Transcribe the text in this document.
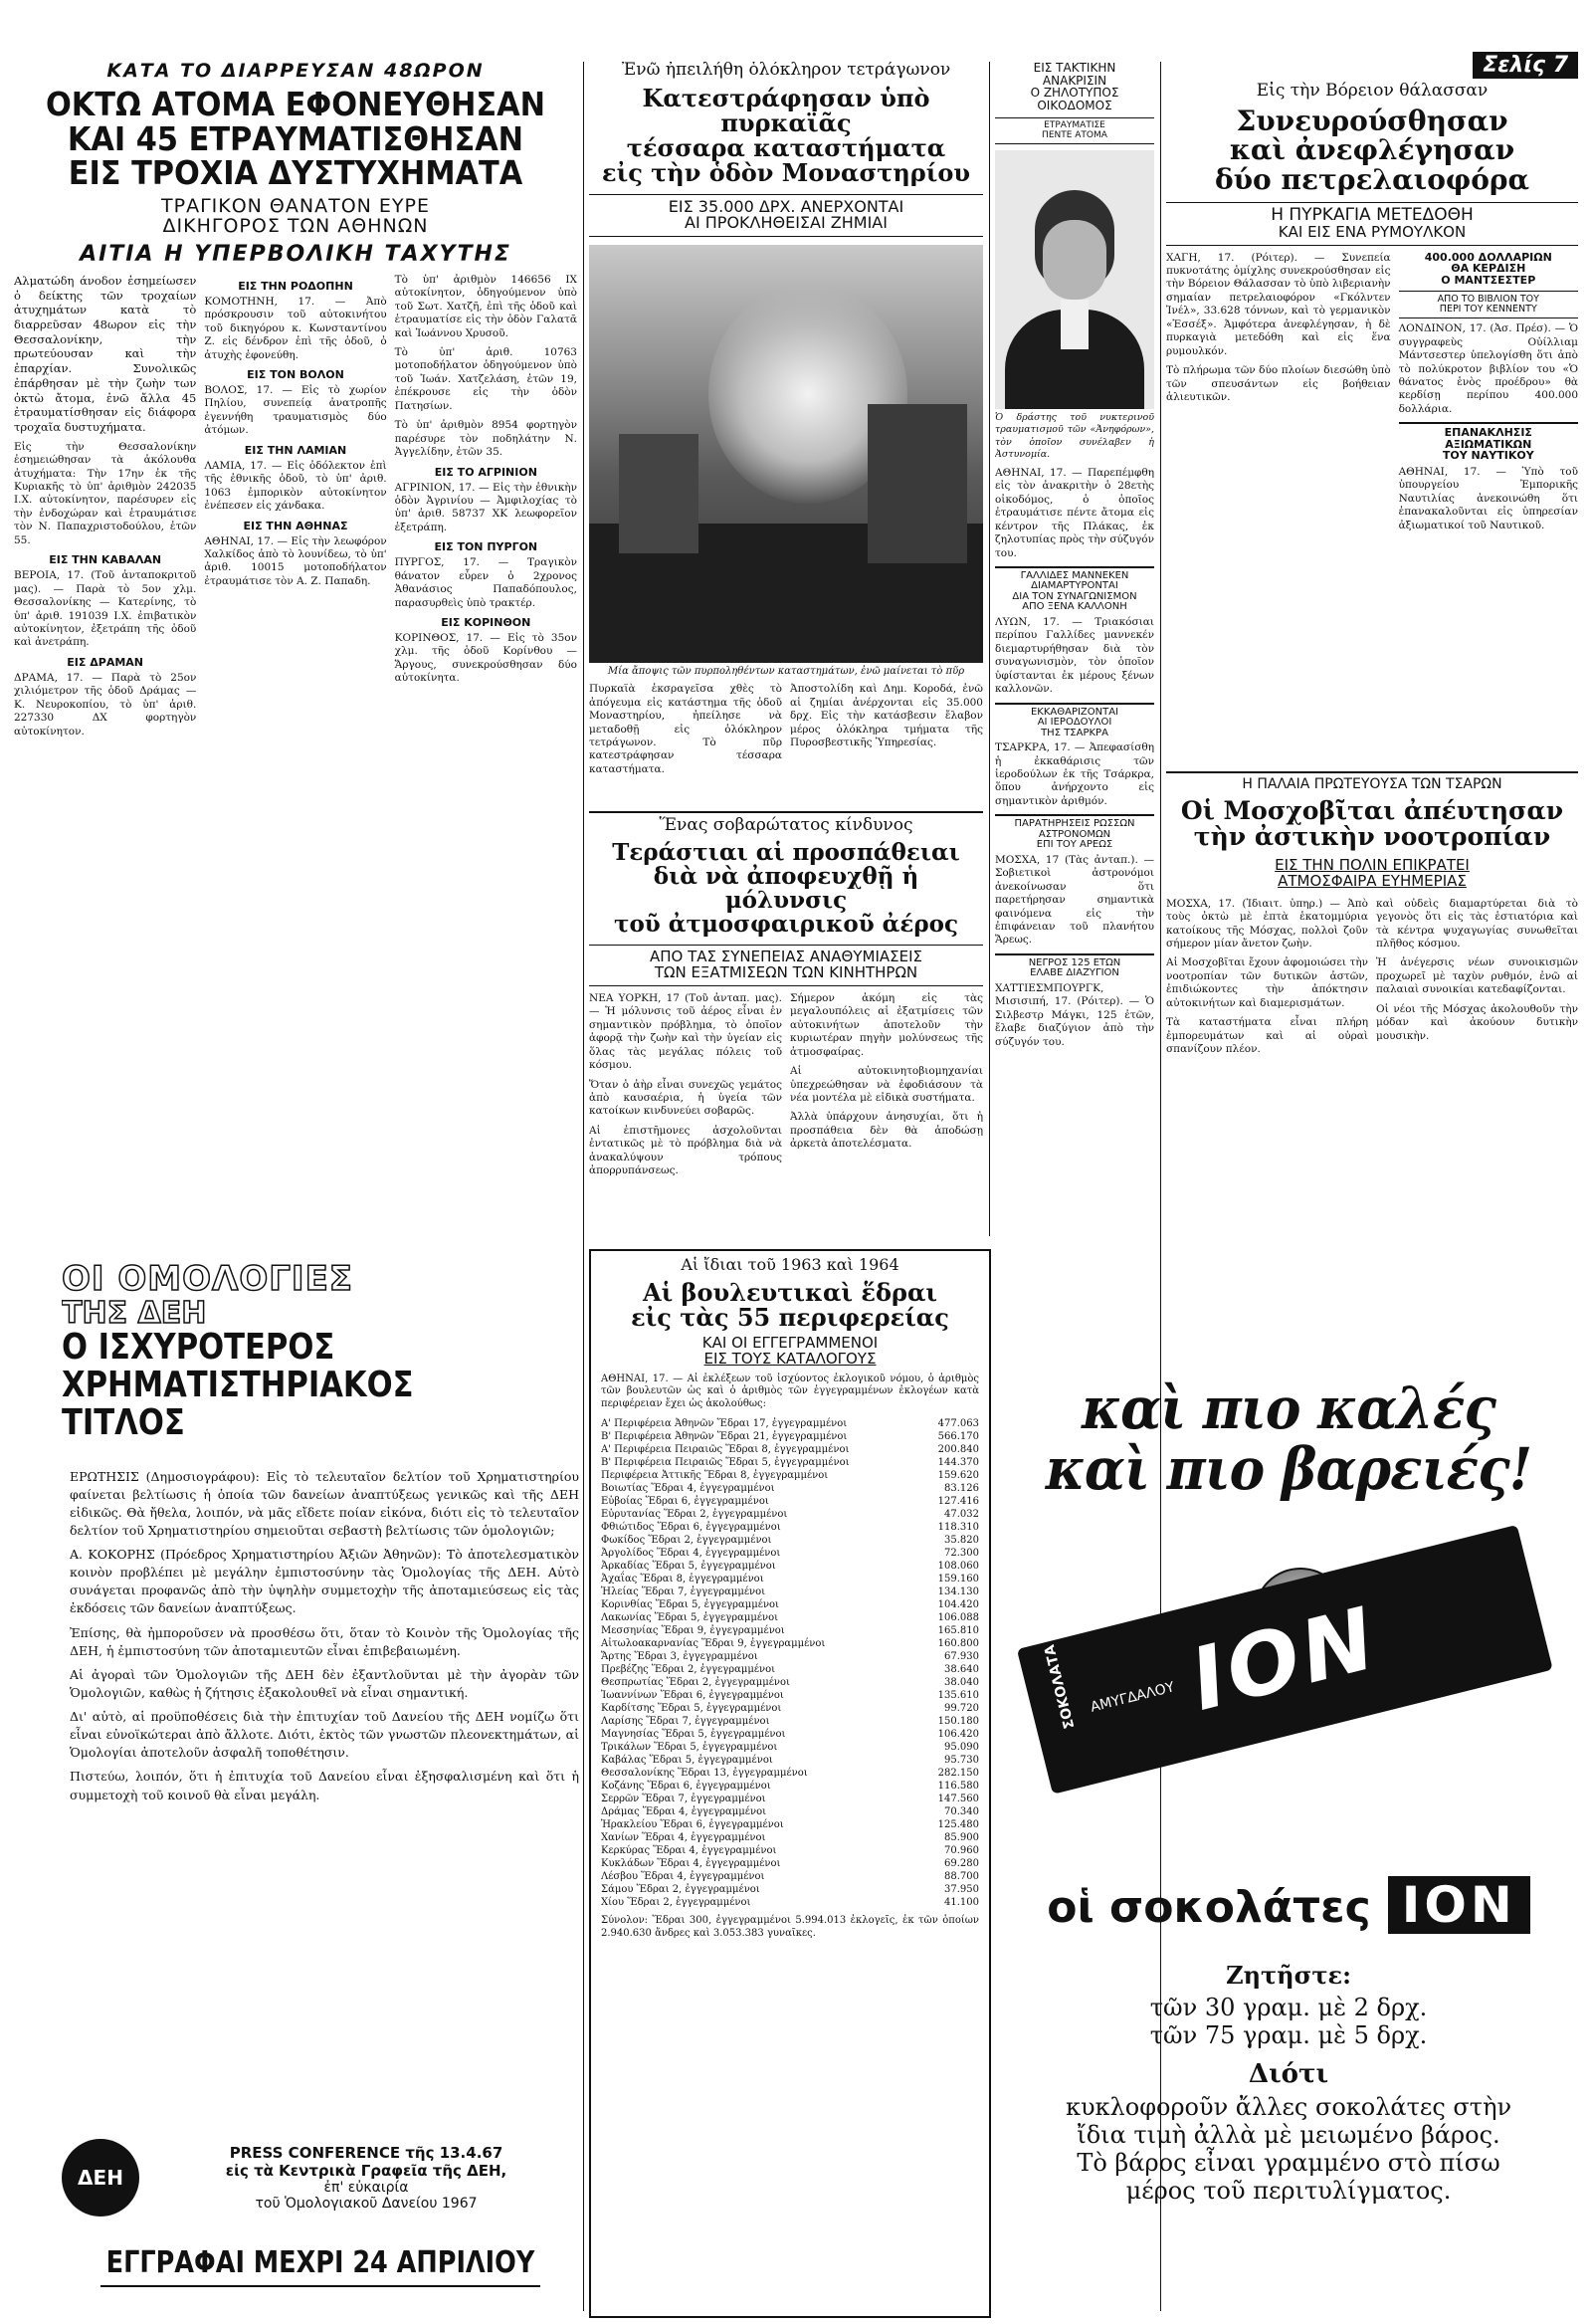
ΚΑΤΑ ΤΟ ΔΙΑΡΡΕΥΣΑΝ 48ΩΡΟΝ
ΟΚΤΩ ΑΤΟΜΑ ΕΦΟΝΕΥΘΗΣΑΝ
ΚΑΙ 45 ΕΤΡΑΥΜΑΤΙΣΘΗΣΑΝ
ΕΙΣ ΤΡΟΧΙΑ ΔΥΣΤΥΧΗΜΑΤΑ
ΤΡΑΓΙΚΟΝ ΘΑΝΑΤΟΝ ΕΥΡΕ
ΔΙΚΗΓΟΡΟΣ ΤΩΝ ΑΘΗΝΩΝ
ΑΙΤΙΑ Η ΥΠΕΡΒΟΛΙΚΗ ΤΑΧΥΤΗΣ

Αλματώδη άνοδον ἐσημείωσεν ὁ δείκτης τῶν τροχαίων ἀτυχημάτων κατὰ τὸ διαρρεῦσαν 48ωρον εἰς τὴν Θεσσαλονίκην, τὴν πρωτεύουσαν καὶ τὴν ἐπαρχίαν. Συνολικῶς ἐπάρθησαν μὲ τὴν ζωὴν των ὀκτὼ ἄτομα, ἐνῶ ἄλλα 45 ἐτραυματίσθησαν εἰς διάφορα τροχαῖα δυστυχήματα.

Εἰς τὴν Θεσσαλονίκην ἐσημειώθησαν τὰ ἀκόλουθα ἀτυχήματα: Τὴν 17ην ἐκ τῆς Κυριακῆς τὸ ὑπ' ἀριθμὸν 242035 Ι.Χ. αὐτοκίνητον, παρέσυρεν εἰς τὴν ἐνδοχώραν καὶ ἐτραυμάτισε τὸν Ν. Παπαχριστοδούλου, ἐτῶν 55.

ΕΙΣ ΤΗΝ ΚΑΒΑΛΑΝ

ΒΕΡΟΙΑ, 17. (Τοῦ ἀνταποκριτοῦ μας). — Παρὰ τὸ 5ον χλμ. Θεσσαλονίκης — Κατερίνης, τὸ ὑπ' ἀριθ. 191039 Ι.Χ. ἐπιβατικὸν αὐτοκίνητον, ἐξετράπη τῆς ὁδοῦ καὶ ἀνετράπη.

ΕΙΣ ΔΡΑΜΑΝ

ΔΡΑΜΑ, 17. — Παρὰ τὸ 25ον χιλιόμετρον τῆς ὁδοῦ Δράμας — Κ. Νευροκοπίου, τὸ ὑπ' ἀριθ. 227330 ΔΧ φορτηγὸν αὐτοκίνητον.

ΕΙΣ ΤΗΝ ΡΟΔΟΠΗΝ

ΚΟΜΟΤΗΝΗ, 17. — Ἀπὸ πρόσκρουσιν τοῦ αὐτοκινήτου τοῦ δικηγόρου κ. Κωνσταντίνου Ζ. εἰς δένδρον ἐπὶ τῆς ὁδοῦ, ὁ ἀτυχὴς ἐφονεύθη.

ΕΙΣ ΤΟΝ ΒΟΛΟΝ

ΒΟΛΟΣ, 17. — Εἰς τὸ χωρίον Πηλίου, συνεπείᾳ ἀνατροπῆς ἐγεννήθη τραυματισμὸς δύο ἀτόμων.

ΕΙΣ ΤΗΝ ΛΑΜΙΑΝ

ΛΑΜΙΑ, 17. — Εἰς ὀδόλεκτον ἐπὶ τῆς ἐθνικῆς ὁδοῦ, τὸ ὑπ' ἀριθ. 1063 ἐμπορικὸν αὐτοκίνητον ἐνέπεσεν εἰς χάνδακα.

ΕΙΣ ΤΗΝ ΑΘΗΝΑΣ

ΑΘΗΝΑΙ, 17. — Εἰς τὴν λεωφόρον Χαλκίδος ἀπὸ τὸ λουνίδεω, τὸ ὑπ' ἀριθ. 10015 μοτοποδήλατον ἐτραυμάτισε τὸν Α. Ζ. Παπαδη.

Τὸ ὑπ' ἀριθμὸν 146656 ΙΧ αὐτοκίνητον, ὁδηγούμενον ὑπὸ τοῦ Σωτ. Χατζῆ, ἐπὶ τῆς ὁδοῦ καὶ ἐτραυματίσε εἰς τὴν ὁδὸν Γαλατᾶ καὶ Ἰωάννου Χρυσοῦ.

Τὸ ὑπ' ἀριθ. 10763 μοτοποδήλατον ὁδηγούμενον ὑπὸ τοῦ Ἰωάν. Χατζελάση, ἐτῶν 19, ἐπέκρουσε εἰς τὴν ὁδὸν Πατησίων.

Τὸ ὑπ' ἀριθμὸν 8954 φορτηγὸν παρέσυρε τὸν ποδηλάτην Ν. Ἀγγελίδην, ἐτῶν 35.

ΕΙΣ ΤΟ ΑΓΡΙΝΙΟΝ

ΑΓΡΙΝΙΟΝ, 17. — Εἰς τὴν ἐθνικὴν ὁδὸν Ἀγρινίου — Ἀμφιλοχίας τὸ ὑπ' ἀριθ. 58737 ΧΚ λεωφορεῖον ἐξετράπη.

ΕΙΣ ΤΟΝ ΠΥΡΓΟΝ

ΠΥΡΓΟΣ, 17. — Τραγικὸν θάνατον εὗρεν ὁ 2χρονος Ἀθανάσιος Παπαδόπουλος, παρασυρθεὶς ὑπὸ τρακτέρ.

ΕΙΣ ΚΟΡΙΝΘΟΝ

ΚΟΡΙΝΘΟΣ, 17. — Εἰς τὸ 35ον χλμ. τῆς ὁδοῦ Κορίνθου — Ἄργους, συνεκρούσθησαν δύο αὐτοκίνητα.

Ἐνῶ ἠπειλήθη ὁλόκληρον τετράγωνον
Κατεστράφησαν ὑπὸ πυρκαϊᾶς
τέσσαρα καταστήματα
εἰς τὴν ὁδὸν Μοναστηρίου
ΕΙΣ 35.000 ΔΡΧ. ΑΝΕΡΧΟΝΤΑΙ
ΑΙ ΠΡΟΚΛΗΘΕΙΣΑΙ ΖΗΜΙΑΙ
Μία ἄποψις τῶν πυρποληθέντων καταστημάτων, ἐνῶ μαίνεται τὸ πῦρ

Πυρκαϊὰ ἐκσραγεῖσα χθὲς τὸ ἀπόγευμα εἰς κατάστημα τῆς ὁδοῦ Μοναστηρίου, ἠπείλησε νὰ μεταδοθῇ εἰς ὁλόκληρον τετράγωνον. Τὸ πῦρ κατεστράφησαν τέσσαρα καταστήματα.

Ἀποστολίδη καὶ Δημ. Κοροδά, ἐνῶ αἱ ζημίαι ἀνέρχονται εἰς 35.000 δρχ. Εἰς τὴν κατάσβεσιν ἔλαβον μέρος ὁλόκληρα τμήματα τῆς Πυροσβεστικῆς Ὑπηρεσίας.

Ἕνας σοβαρώτατος κίνδυνος
Τεράστιαι αἱ προσπάθειαι
διὰ νὰ ἀποφευχθῇ ἡ μόλυνσις
τοῦ ἀτμοσφαιρικοῦ ἀέρος
ΑΠΟ ΤΑΣ ΣΥΝΕΠΕΙΑΣ ΑΝΑΘΥΜΙΑΣΕΙΣ
ΤΩΝ ΕΞΑΤΜΙΣΕΩΝ ΤΩΝ ΚΙΝΗΤΗΡΩΝ

ΝΕΑ ΥΟΡΚΗ, 17 (Τοῦ ἀνταπ. μας). — Ἡ μόλυνσις τοῦ ἀέρος εἶναι ἐν σημαντικὸν πρόβλημα, τὸ ὁποῖον ἀφορᾷ τὴν ζωὴν καὶ τὴν ὑγείαν εἰς ὅλας τὰς μεγάλας πόλεις τοῦ κόσμου.

Ὅταν ὁ ἀὴρ εἶναι συνεχῶς γεμάτος ἀπὸ καυσαέρια, ἡ ὑγεία τῶν κατοίκων κινδυνεύει σοβαρῶς.

Αἱ ἐπιστῆμονες ἀσχολοῦνται ἐντατικῶς μὲ τὸ πρόβλημα διὰ νὰ ἀνακαλύψουν τρόπους ἀπορρυπάνσεως.

Σήμερον ἀκόμη εἰς τὰς μεγαλουπόλεις αἱ ἐξατμίσεις τῶν αὐτοκινήτων ἀποτελοῦν τὴν κυριωτέραν πηγὴν μολύνσεως τῆς ἀτμοσφαίρας.

Αἱ αὐτοκινητοβιομηχανίαι ὑπεχρεώθησαν νὰ ἐφοδιάσουν τὰ νέα μοντέλα μὲ εἰδικὰ συστήματα.

Ἀλλὰ ὑπάρχουν ἀνησυχίαι, ὅτι ἡ προσπάθεια δὲν θὰ ἀποδώσῃ ἀρκετὰ ἀποτελέσματα.

ΕΙΣ ΤΑΚΤΙΚΗΝ
ΑΝΑΚΡΙΣΙΝ
Ο ΖΗΛΟΤΥΠΟΣ
ΟΙΚΟΔΟΜΟΣ
ΕΤΡΑΥΜΑΤΙΣΕ
ΠΕΝΤΕ ΑΤΟΜΑ

Ὁ δράστης τοῦ νυκτερινοῦ τραυματισμοῦ τῶν «Ἀνηφόρων», τὸν ὁποῖον συνέλαβεν ἡ Ἀστυνομία.

ΑΘΗΝΑΙ, 17. — Παρεπέμφθη εἰς τὸν ἀνακριτὴν ὁ 28ετὴς οἰκοδόμος, ὁ ὁποῖος ἐτραυμάτισε πέντε ἄτομα εἰς κέντρον τῆς Πλάκας, ἐκ ζηλοτυπίας πρὸς τὴν σύζυγόν του.

ΓΑΛΛΙΔΕΣ ΜΑΝΝΕΚΕΝ
ΔΙΑΜΑΡΤΥΡΟΝΤΑΙ
ΔΙΑ ΤΟΝ ΣΥΝΑΓΩΝΙΣΜΟΝ
ΑΠΟ ΞΕΝΑ ΚΑΛΛΟΝΗ

ΛΥΩΝ, 17. — Τριακόσιαι περίπου Γαλλίδες μαννεκέν διεμαρτυρήθησαν διὰ τὸν συναγωνισμὸν, τὸν ὁποῖον ὑφίστανται ἐκ μέρους ξένων καλλονῶν.

ΕΚΚΑΘΑΡΙΖΟΝΤΑΙ
ΑΙ ΙΕΡΟΔΟΥΛΟΙ
ΤΗΣ ΤΣΑΡΚΡΑ

ΤΣΑΡΚΡΑ, 17. — Ἀπεφασίσθη ἡ ἐκκαθάρισις τῶν ἱεροδούλων ἐκ τῆς Τσάρκρα, ὅπου ἀνήρχοντο εἰς σημαντικὸν ἀριθμόν.

ΠΑΡΑΤΗΡΗΣΕΙΣ ΡΩΣΣΩΝ
ΑΣΤΡΟΝΟΜΩΝ
ΕΠΙ ΤΟΥ ΑΡΕΩΣ

ΜΟΣΧΑ, 17 (Τὰς ἀνταπ.). — Σοβιετικοὶ ἀστρονόμοι ἀνεκοίνωσαν ὅτι παρετήρησαν σημαντικὰ φαινόμενα εἰς τὴν ἐπιφάνειαν τοῦ πλανήτου Ἄρεως.

ΝΕΓΡΟΣ 125 ΕΤΩΝ
ΕΛΑΒΕ ΔΙΑΖΥΓΙΟΝ

ΧΑΤΤΙΕΣΜΠΟΥΡΓΚ, Μισισιπή, 17. (Ρόιτερ). — Ὁ Σιλβεστρ Μάγκι, 125 ἐτῶν, ἔλαβε διαζύγιον ἀπὸ τὴν σύζυγόν του.

Σελίς 7
Εἰς τὴν Βόρειον θάλασσαν
Συνευρούσθησαν
καὶ ἀνεφλέγησαν
δύο πετρελαιοφόρα
Η ΠΥΡΚΑΓΙΑ ΜΕΤΕΔΟΘΗ
ΚΑΙ ΕΙΣ ΕΝΑ ΡΥΜΟΥΛΚΟΝ

ΧΑΓΗ, 17. (Ρόιτερ). — Συνεπεία πυκνοτάτης ὁμίχλης συνεκρούσθησαν εἰς τὴν Βόρειον Θάλασσαν τὸ ὑπὸ λιβεριανὴν σημαίαν πετρελαιοφόρον «Γκόλντεν Ἰνέλ», 33.628 τόννων, καὶ τὸ γερμανικὸν «Ἐσσέξ». Ἀμφότερα ἀνεφλέγησαν, ἡ δὲ πυρκαγιὰ μετεδόθη καὶ εἰς ἕνα ρυμουλκόν.

Τὸ πλήρωμα τῶν δύο πλοίων διεσώθη ὑπὸ τῶν σπευσάντων εἰς βοήθειαν ἁλιευτικῶν.

400.000 ΔΟΛΛΑΡΙΩΝ
ΘΑ ΚΕΡΔΙΣΗ
Ο ΜΑΝΤΣΕΣΤΕΡ
ΑΠΟ ΤΟ ΒΙΒΛΙΟΝ ΤΟΥ
ΠΕΡΙ ΤΟΥ ΚΕΝΝΕΝΤΥ

ΛΟΝΔΙΝΟΝ, 17. (Ἀσ. Πρέσ). — Ὁ συγγραφεὺς Οὐίλλιαμ Μάντσεστερ ὑπελογίσθη ὅτι ἀπὸ τὸ πολύκροτον βιβλίον του «Ὁ θάνατος ἑνὸς προέδρου» θὰ κερδίσῃ περίπου 400.000 δολλάρια.

ΕΠΑΝΑΚΛΗΣΙΣ
ΑΞΙΩΜΑΤΙΚΩΝ
ΤΟΥ ΝΑΥΤΙΚΟΥ

ΑΘΗΝΑΙ, 17. — Ὑπὸ τοῦ ὑπουργείου Ἐμπορικῆς Ναυτιλίας ἀνεκοινώθη ὅτι ἐπανακαλοῦνται εἰς ὑπηρεσίαν ἀξιωματικοί τοῦ Ναυτικοῦ.

Η ΠΑΛΑΙΑ ΠΡΩΤΕΥΟΥΣΑ ΤΩΝ ΤΣΑΡΩΝ
Οἱ Μοσχοβῖται ἀπέυτησαν
τὴν ἀστικὴν νοοτροπίαν
ΕΙΣ ΤΗΝ ΠΟΛΙΝ ΕΠΙΚΡΑΤΕΙ
ΑΤΜΟΣΦΑΙΡΑ ΕΥΗΜΕΡΙΑΣ

ΜΟΣΧΑ, 17. (Ἰδιαιτ. ὑπηρ.) — Ἀπὸ τοὺς ὀκτὼ μὲ ἑπτὰ ἑκατομμύρια κατοίκους τῆς Μόσχας, πολλοὶ ζοῦν σήμερον μίαν ἄνετον ζωὴν.

Αἱ Μοσχοβῖται ἔχουν ἀφομοιώσει τὴν νοοτροπίαν τῶν δυτικῶν ἀστῶν, ἐπιδιώκοντες τὴν ἀπόκτησιν αὐτοκινήτων καὶ διαμερισμάτων.

Τὰ καταστήματα εἶναι πλήρη ἐμπορευμάτων καὶ αἱ οὐραὶ σπανίζουν πλέον.

καὶ οὐδεὶς διαμαρτύρεται διὰ τὸ γεγονὸς ὅτι εἰς τὰς ἑστιατόρια καὶ τὰ κέντρα ψυχαγωγίας συνωθεῖται πλῆθος κόσμου.

Ἡ ἀνέγερσις νέων συνοικισμῶν προχωρεῖ μὲ ταχὺν ρυθμόν, ἐνῶ αἱ παλαιαὶ συνοικίαι κατεδαφίζονται.

Οἱ νέοι τῆς Μόσχας ἀκολουθοῦν τὴν μόδαν καὶ ἀκούουν δυτικὴν μουσικὴν.

ΟΙ ΟΜΟΛΟΓΙΕΣ
ΤΗΣ ΔΕΗ
Ο ΙΣΧΥΡΟΤΕΡΟΣ
ΧΡΗΜΑΤΙΣΤΗΡΙΑΚΟΣ
ΤΙΤΛΟΣ

ΕΡΩΤΗΣΙΣ (Δημοσιογράφου): Εἰς τὸ τελευταῖον δελτίον τοῦ Χρηματιστηρίου φαίνεται βελτίωσις ἡ ὁποία τῶν δανείων ἀναπτύξεως γενικῶς καὶ τῆς ΔΕΗ εἰδικῶς. Θὰ ἤθελα, λοιπόν, νὰ μᾶς εἴδετε ποίαν εἰκόνα, διότι εἰς τὸ τελευταῖον δελτίον τοῦ Χρηματιστηρίου σημειοῦται σεβαστὴ βελτίωσις τῶν ὁμολογιῶν;

Α. ΚΟΚΟΡΗΣ (Πρόεδρος Χρηματιστηρίου Ἀξιῶν Ἀθηνῶν): Τὸ ἀποτελεσματικὸν κοινὸν προβλέπει μὲ μεγάλην ἐμπιστοσύνην τὰς Ὁμολογίας τῆς ΔΕΗ. Αὐτὸ συνάγεται προφανῶς ἀπὸ τὴν ὑψηλὴν συμμετοχὴν τῆς ἀποταμιεύσεως εἰς τὰς ἐκδόσεις τῶν δανείων ἀναπτύξεως.

Ἐπίσης, θὰ ἠμποροῦσεν νὰ προσθέσω ὅτι, ὅταν τὸ Κοινὸν τῆς Ὁμολογίας τῆς ΔΕΗ, ἡ ἐμπιστοσύνη τῶν ἀποταμιευτῶν εἶναι ἐπιβεβαιωμένη.

Αἱ ἀγοραὶ τῶν Ὁμολογιῶν τῆς ΔΕΗ δὲν ἐξαντλοῦνται μὲ τὴν ἀγορὰν τῶν Ὁμολογιῶν, καθὼς ἡ ζήτησις ἐξακολουθεῖ νὰ εἶναι σημαντική.

Δι' αὐτὸ, αἱ προϋποθέσεις διὰ τὴν ἐπιτυχίαν τοῦ Δανείου τῆς ΔΕΗ νομίζω ὅτι εἶναι εὐνοϊκώτεραι ἀπὸ ἄλλοτε. Διότι, ἐκτὸς τῶν γνωστῶν πλεονεκτημάτων, αἱ Ὁμολογίαι ἀποτελοῦν ἀσφαλῆ τοποθέτησιν.

Πιστεύω, λοιπόν, ὅτι ἡ ἐπιτυχία τοῦ Δανείου εἶναι ἐξησφαλισμένη καὶ ὅτι ἡ συμμετοχὴ τοῦ κοινοῦ θὰ εἶναι μεγάλη.

ΔΕΗ
PRESS CONFERENCE τῆς 13.4.67
εἰς τὰ Κεντρικὰ Γραφεῖα τῆς ΔΕΗ,
ἐπ' εὐκαιρία
τοῦ Ὁμολογιακοῦ Δανείου 1967
ΕΓΓΡΑΦΑΙ ΜΕΧΡΙ 24 ΑΠΡΙΛΙΟΥ
Αἱ ἴδιαι τοῦ 1963 καὶ 1964
Αἱ βουλευτικαὶ ἕδραι
εἰς τὰς 55 περιφερείας
ΚΑΙ ΟΙ ΕΓΓΕΓΡΑΜΜΕΝΟΙ
ΕΙΣ ΤΟΥΣ ΚΑΤΑΛΟΓΟΥΣ

ΑΘΗΝΑΙ, 17. — Αἱ ἐκλέξεων τοῦ ἰσχύοντος ἐκλογικοῦ νόμου, ὁ ἀριθμὸς τῶν βουλευτῶν ὡς καὶ ὁ ἀριθμὸς τῶν ἐγγεγραμμένων ἐκλογέων κατὰ περιφέρειαν ἔχει ὡς ἀκολούθως:

Α' Περιφέρεια Ἀθηνῶν Ἕδραι 17, ἐγγεγραμμένοι	477.063
Β' Περιφέρεια Ἀθηνῶν Ἕδραι 21, ἐγγεγραμμένοι	566.170
Α' Περιφέρεια Πειραιῶς Ἕδραι 8, ἐγγεγραμμένοι	200.840
Β' Περιφέρεια Πειραιῶς Ἕδραι 5, ἐγγεγραμμένοι	144.370
Περιφέρεια Ἀττικῆς Ἕδραι 8, ἐγγεγραμμένοι	159.620
Βοιωτίας Ἕδραι 4, ἐγγεγραμμένοι	83.126
Εὐβοίας Ἕδραι 6, ἐγγεγραμμένοι	127.416
Εὐρυτανίας Ἕδραι 2, ἐγγεγραμμένοι	47.032
Φθιώτιδος Ἕδραι 6, ἐγγεγραμμένοι	118.310
Φωκίδος Ἕδραι 2, ἐγγεγραμμένοι	35.820
Ἀργολίδος Ἕδραι 4, ἐγγεγραμμένοι	72.300
Ἀρκαδίας Ἕδραι 5, ἐγγεγραμμένοι	108.060
Ἀχαΐας Ἕδραι 8, ἐγγεγραμμένοι	159.160
Ἠλείας Ἕδραι 7, ἐγγεγραμμένοι	134.130
Κορινθίας Ἕδραι 5, ἐγγεγραμμένοι	104.420
Λακωνίας Ἕδραι 5, ἐγγεγραμμένοι	106.088
Μεσσηνίας Ἕδραι 9, ἐγγεγραμμένοι	165.810
Αἰτωλοακαρνανίας Ἕδραι 9, ἐγγεγραμμένοι	160.800
Ἄρτης Ἕδραι 3, ἐγγεγραμμένοι	67.930
Πρεβέζης Ἕδραι 2, ἐγγεγραμμένοι	38.640
Θεσπρωτίας Ἕδραι 2, ἐγγεγραμμένοι	38.040
Ἰωαννίνων Ἕδραι 6, ἐγγεγραμμένοι	135.610
Καρδίτσης Ἕδραι 5, ἐγγεγραμμένοι	99.720
Λαρίσης Ἕδραι 7, ἐγγεγραμμένοι	150.180
Μαγνησίας Ἕδραι 5, ἐγγεγραμμένοι	106.420
Τρικάλων Ἕδραι 5, ἐγγεγραμμένοι	95.090
Καβάλας Ἕδραι 5, ἐγγεγραμμένοι	95.730
Θεσσαλονίκης Ἕδραι 13, ἐγγεγραμμένοι	282.150
Κοζάνης Ἕδραι 6, ἐγγεγραμμένοι	116.580
Σερρῶν Ἕδραι 7, ἐγγεγραμμένοι	147.560
Δράμας Ἕδραι 4, ἐγγεγραμμένοι	70.340
Ἡρακλείου Ἕδραι 6, ἐγγεγραμμένοι	125.480
Χανίων Ἕδραι 4, ἐγγεγραμμένοι	85.900
Κερκύρας Ἕδραι 4, ἐγγεγραμμένοι	70.960
Κυκλάδων Ἕδραι 4, ἐγγεγραμμένοι	69.280
Λέσβου Ἕδραι 4, ἐγγεγραμμένοι	88.700
Σάμου Ἕδραι 2, ἐγγεγραμμένοι	37.950
Χίου Ἕδραι 2, ἐγγεγραμμένοι	41.100

Σύνολον: Ἕδραι 300, ἐγγεγραμμένοι 5.994.013 ἐκλογεῖς, ἐκ τῶν ὁποίων 2.940.630 ἄνδρες καὶ 3.053.383 γυναῖκες.

καὶ πιο καλές
καὶ πιο βαρειές!
ΣΟΚΟΛΑΤΑ ΑΜΥΓΔΑΛΟΥ ΑΜΥΓΔΑΛΟΥ ΙΟΝ
οἱ σοκολάτες ΙΟΝ
Ζητῆστε:
τῶν 30 γραμ. μὲ 2 δρχ.
τῶν 75 γραμ. μὲ 5 δρχ.
Διότι
κυκλοφοροῦν ἄλλες σοκολάτες στὴν
ἴδια τιμὴ ἀλλὰ μὲ μειωμένο βάρος.
Τὸ βάρος εἶναι γραμμένο στὸ πίσω
μέρος τοῦ περιτυλίγματος.
